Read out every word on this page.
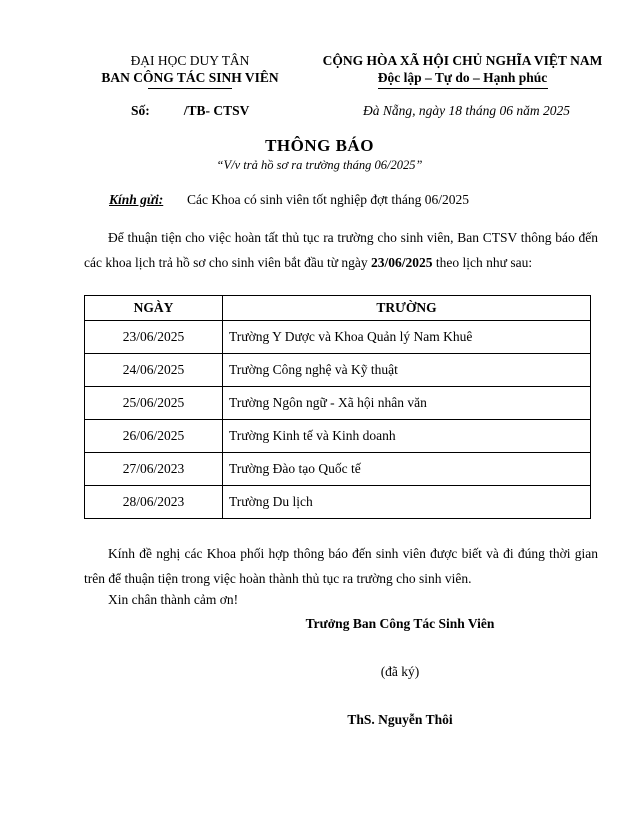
ĐẠI HỌC DUY TÂN
BAN CÔNG TÁC SINH VIÊN
CỘNG HÒA XÃ HỘI CHỦ NGHĨA VIỆT NAM
Độc lập – Tự do – Hạnh phúc
Số:	/TB- CTSV	Đà Nẵng, ngày 18 tháng 06 năm 2025
THÔNG BÁO
“V/v trả hồ sơ ra trường tháng 06/2025”
Kính gửi: Các Khoa có sinh viên tốt nghiệp đợt tháng 06/2025
Để thuận tiện cho việc hoàn tất thủ tục ra trường cho sinh viên, Ban CTSV thông báo đến các khoa lịch trả hồ sơ cho sinh viên bắt đầu từ ngày 23/06/2025 theo lịch như sau:
NGÀY	TRƯỜNG
23/06/2025	Trường Y Dược và Khoa Quản lý Nam Khuê
24/06/2025	Trường Công nghệ và Kỹ thuật
25/06/2025	Trường Ngôn ngữ - Xã hội nhân văn
26/06/2025	Trường Kinh tế và Kinh doanh
27/06/2023	Trường Đào tạo Quốc tế
28/06/2023	Trường Du lịch
Kính đề nghị các Khoa phối hợp thông báo đến sinh viên được biết và đi đúng thời gian trên để thuận tiện trong việc hoàn thành thủ tục ra trường cho sinh viên.
Xin chân thành cảm ơn!
Trưởng Ban Công Tác Sinh Viên
(đã ký)
ThS. Nguyễn Thôi
